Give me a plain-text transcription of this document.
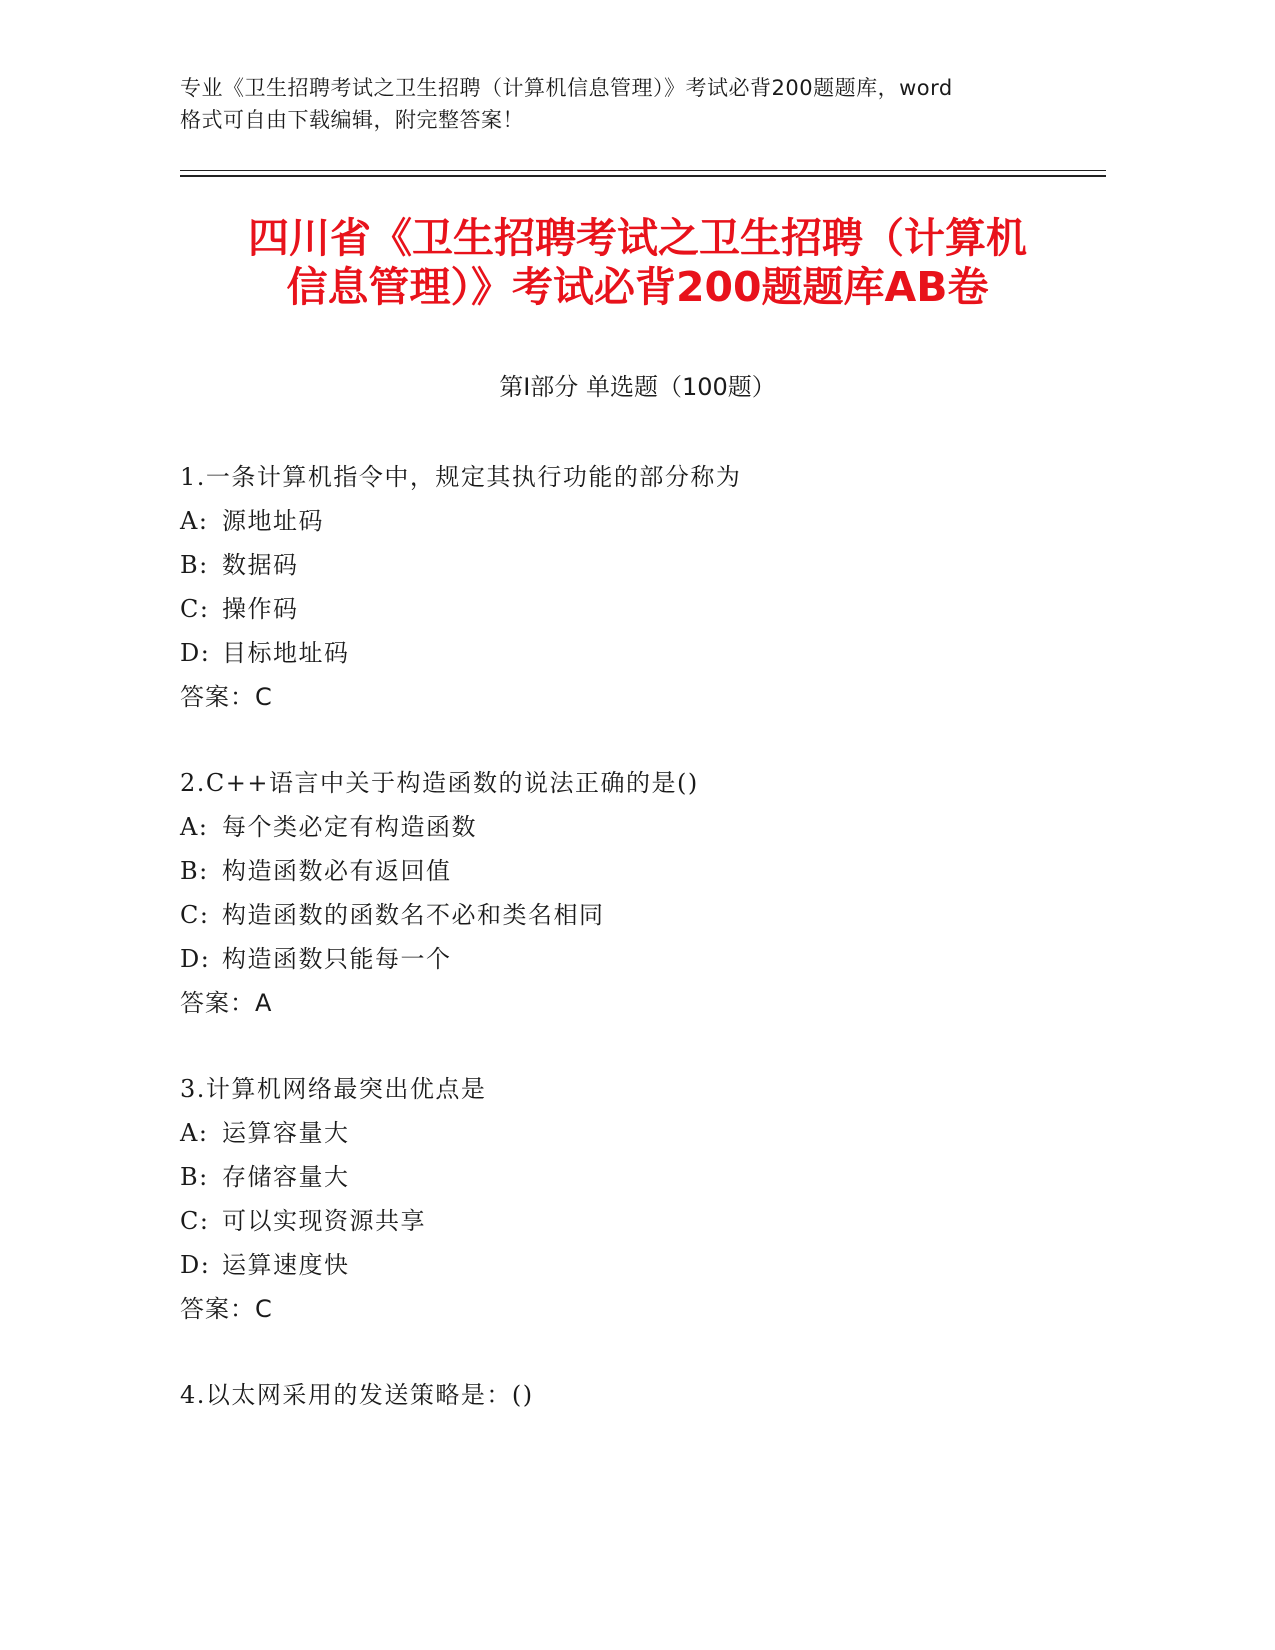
专业《卫生招聘考试之卫生招聘（计算机信息管理）》考试必背200题题库，word
格式可自由下载编辑，附完整答案！
四川省《卫生招聘考试之卫生招聘（计算机
信息管理）》考试必背200题题库AB卷
第Ⅰ部分 单选题（100题）
1.一条计算机指令中，规定其执行功能的部分称为
A: 源地址码
B: 数据码
C: 操作码
D: 目标地址码
答案：C
2.C++语言中关于构造函数的说法正确的是()
A: 每个类必定有构造函数
B: 构造函数必有返回值
C: 构造函数的函数名不必和类名相同
D: 构造函数只能每一个
答案：A
3.计算机网络最突出优点是
A: 运算容量大
B: 存储容量大
C: 可以实现资源共享
D: 运算速度快
答案：C
4.以太网采用的发送策略是：()
